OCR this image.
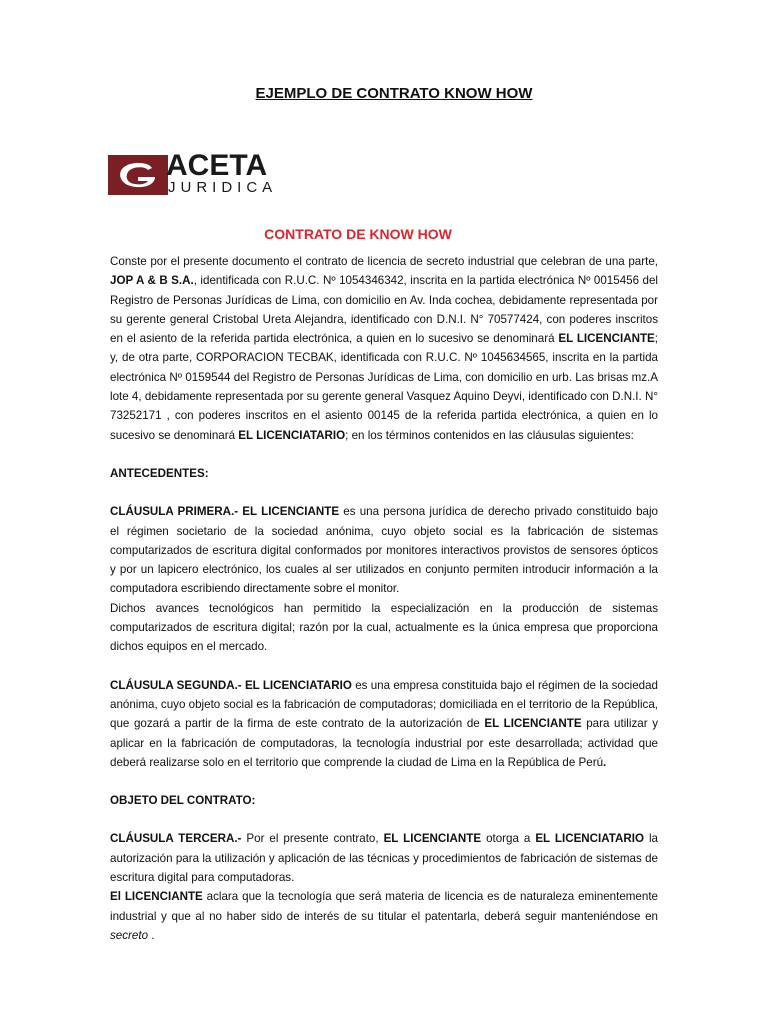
EJEMPLO DE CONTRATO KNOW HOW
ACETA
JURIDICA
CONTRATO DE KNOW HOW

Conste por el presente documento el contrato de licencia de secreto industrial que celebran de una parte, JOP A & B S.A., identificada con R.U.C. Nº 1054346342, inscrita en la partida electrónica Nº 0015456 del Registro de Personas Jurídicas de Lima, con domicilio en Av. Inda cochea, debidamente representada por su gerente general Cristobal Ureta Alejandra, identificado con D.N.I. N° 70577424, con poderes inscritos en el asiento de la referida partida electrónica, a quien en lo sucesivo se denominará EL LICENCIANTE; y, de otra parte, CORPORACION TECBAK, identificada con R.U.C. Nº 1045634565, inscrita en la partida electrónica Nº 0159544 del Registro de Personas Jurídicas de Lima, con domicilio en urb. Las brisas mz.A lote 4, debidamente representada por su gerente general Vasquez Aquino Deyvi, identificado con D.N.I. N° 73252171 , con poderes inscritos en el asiento 00145 de la referida partida electrónica, a quien en lo sucesivo se denominará EL LICENCIATARIO; en los términos contenidos en las cláusulas siguientes:

ANTECEDENTES:

CLÁUSULA PRIMERA.- EL LICENCIANTE es una persona jurídica de derecho privado constituido bajo el régimen societario de la sociedad anónima, cuyo objeto social es la fabricación de sistemas computarizados de escritura digital conformados por monitores interactivos provistos de sensores ópticos y por un lapicero electrónico, los cuales al ser utilizados en conjunto permiten introducir información a la computadora escribiendo directamente sobre el monitor.

Dichos avances tecnológicos han permitido la especialización en la producción de sistemas computarizados de escritura digital; razón por la cual, actualmente es la única empresa que proporciona dichos equipos en el mercado.

CLÁUSULA SEGUNDA.- EL LICENCIATARIO es una empresa constituida bajo el régimen de la sociedad anónima, cuyo objeto social es la fabricación de computadoras; domiciliada en el territorio de la República, que gozará a partir de la firma de este contrato de la autorización de EL LICENCIANTE para utilizar y aplicar en la fabricación de computadoras, la tecnología industrial por este desarrollada; actividad que deberá realizarse solo en el territorio que comprende la ciudad de Lima en la República de Perú.

OBJETO DEL CONTRATO:

CLÁUSULA TERCERA.- Por el presente contrato, EL LICENCIANTE otorga a EL LICENCIATARIO la autorización para la utilización y aplicación de las técnicas y procedimientos de fabricación de sistemas de escritura digital para computadoras.

El LICENCIANTE aclara que la tecnología que será materia de licencia es de naturaleza eminentemente industrial y que al no haber sido de interés de su titular el patentarla, deberá seguir manteniéndose en secreto .
